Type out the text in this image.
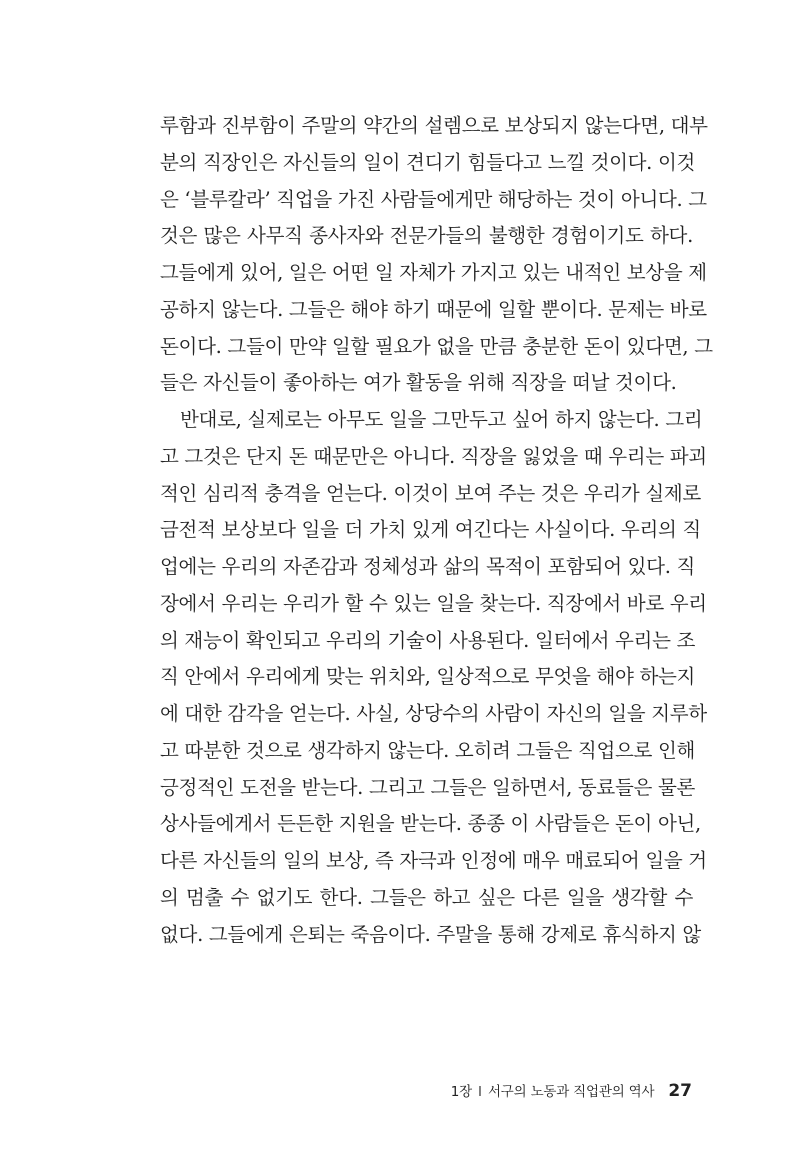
루함과 진부함이 주말의 약간의 설렘으로 보상되지 않는다면, 대부
분의 직장인은 자신들의 일이 견디기 힘들다고 느낄 것이다. 이것
은 ‘블루칼라’ 직업을 가진 사람들에게만 해당하는 것이 아니다. 그
것은 많은 사무직 종사자와 전문가들의 불행한 경험이기도 하다.
그들에게 있어, 일은 어떤 일 자체가 가지고 있는 내적인 보상을 제
공하지 않는다. 그들은 해야 하기 때문에 일할 뿐이다. 문제는 바로
돈이다. 그들이 만약 일할 필요가 없을 만큼 충분한 돈이 있다면, 그
들은 자신들이 좋아하는 여가 활동을 위해 직장을 떠날 것이다.
반대로, 실제로는 아무도 일을 그만두고 싶어 하지 않는다. 그리
고 그것은 단지 돈 때문만은 아니다. 직장을 잃었을 때 우리는 파괴
적인 심리적 충격을 얻는다. 이것이 보여 주는 것은 우리가 실제로
금전적 보상보다 일을 더 가치 있게 여긴다는 사실이다. 우리의 직
업에는 우리의 자존감과 정체성과 삶의 목적이 포함되어 있다. 직
장에서 우리는 우리가 할 수 있는 일을 찾는다. 직장에서 바로 우리
의 재능이 확인되고 우리의 기술이 사용된다. 일터에서 우리는 조
직 안에서 우리에게 맞는 위치와, 일상적으로 무엇을 해야 하는지
에 대한 감각을 얻는다. 사실, 상당수의 사람이 자신의 일을 지루하
고 따분한 것으로 생각하지 않는다. 오히려 그들은 직업으로 인해
긍정적인 도전을 받는다. 그리고 그들은 일하면서, 동료들은 물론
상사들에게서 든든한 지원을 받는다. 종종 이 사람들은 돈이 아닌,
다른 자신들의 일의 보상, 즉 자극과 인정에 매우 매료되어 일을 거
의 멈출 수 없기도 한다. 그들은 하고 싶은 다른 일을 생각할 수
없다. 그들에게 은퇴는 죽음이다. 주말을 통해 강제로 휴식하지 않
1장 I 서구의 노동과 직업관의 역사 27
